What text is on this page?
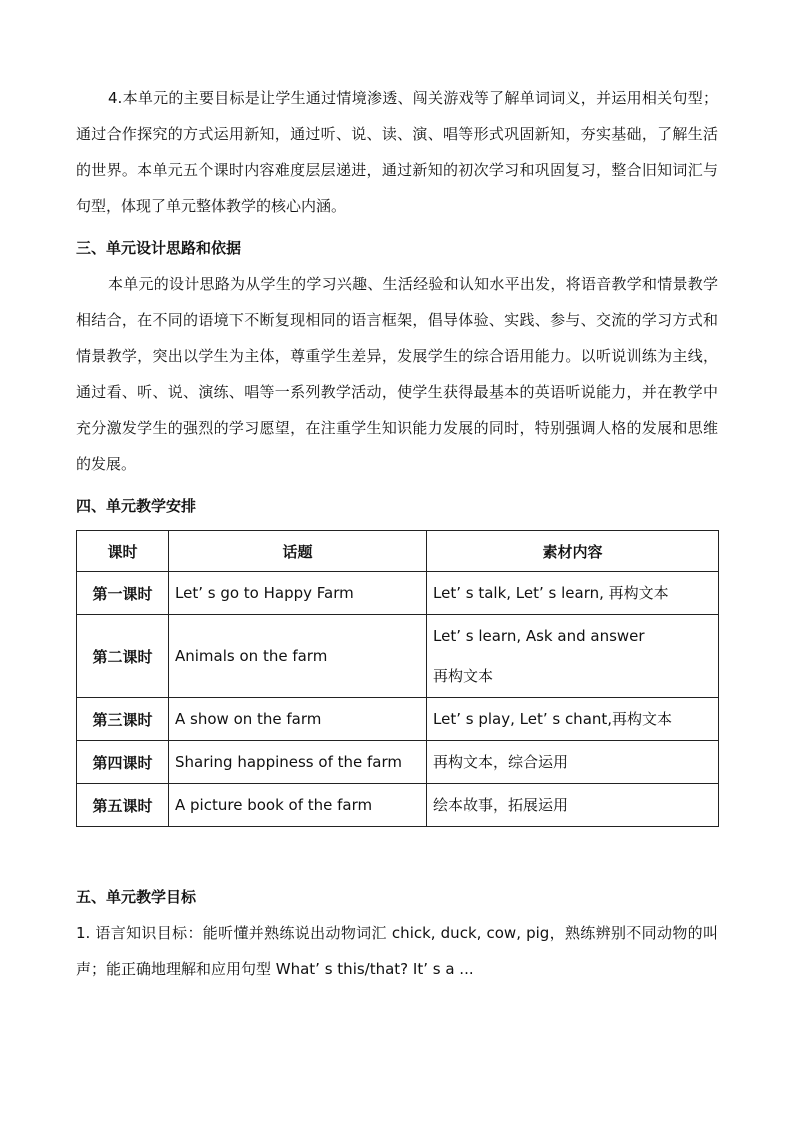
4.本单元的主要目标是让学生通过情境渗透、闯关游戏等了解单词词义，并运用相关句型；通过合作探究的方式运用新知，通过听、说、读、演、唱等形式巩固新知，夯实基础，了解生活的世界。本单元五个课时内容难度层层递进，通过新知的初次学习和巩固复习，整合旧知词汇与句型，体现了单元整体教学的核心内涵。

三、单元设计思路和依据

本单元的设计思路为从学生的学习兴趣、生活经验和认知水平出发，将语音教学和情景教学相结合，在不同的语境下不断复现相同的语言框架，倡导体验、实践、参与、交流的学习方式和情景教学，突出以学生为主体，尊重学生差异，发展学生的综合语用能力。以听说训练为主线，通过看、听、说、演练、唱等一系列教学活动，使学生获得最基本的英语听说能力，并在教学中充分激发学生的强烈的学习愿望，在注重学生知识能力发展的同时，特别强调人格的发展和思维的发展。

四、单元教学安排

课时	话题	素材内容
第一课时	Let’ s go to Happy Farm	Let’ s talk, Let’ s learn, 再构文本

第二课时	Animals on the farm	Let’ s learn, Ask and answer
再构文本

第三课时	A show on the farm	Let’ s play, Let’ s chant,再构文本

第四课时	Sharing happiness of the farm	再构文本，综合运用

第五课时	A picture book of the farm	绘本故事，拓展运用

五、单元教学目标

1. 语言知识目标：能听懂并熟练说出动物词汇 chick, duck, cow, pig，熟练辨别不同动物的叫声；能正确地理解和应用句型 What’ s this/that? It’ s a ...
